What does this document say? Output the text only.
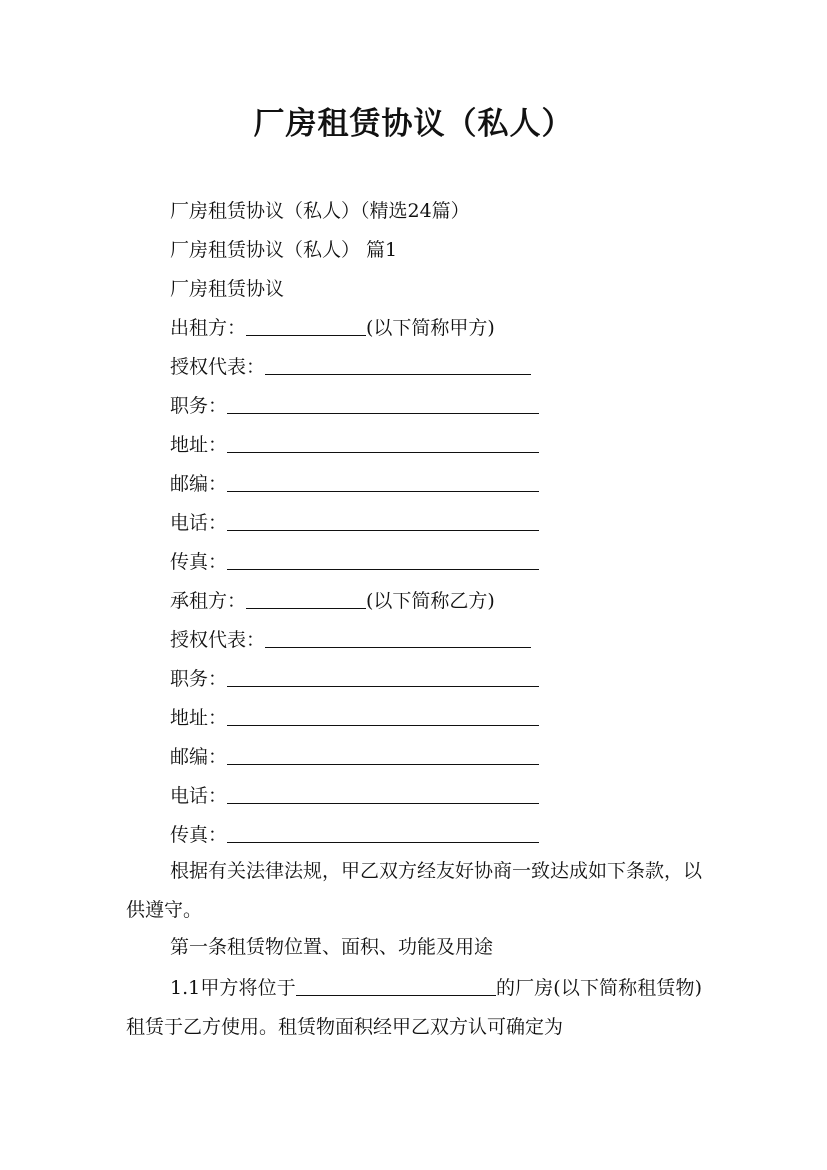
厂房租赁协议（私人）
厂房租赁协议（私人）（精选24篇）
厂房租赁协议（私人） 篇1
厂房租赁协议
出租方：	(以下简称甲方)
授权代表：
职务：
地址：
邮编：
电话：
传真：
承租方：	(以下简称乙方)
授权代表：
职务：
地址：
邮编：
电话：
传真：
根据有关法律法规，甲乙双方经友好协商一致达成如下条款，以供遵守。
第一条租赁物位置、面积、功能及用途
1.1甲方将位于	的厂房(以下简称租赁物)租赁于乙方使用。租赁物面积经甲乙双方认可确定为
